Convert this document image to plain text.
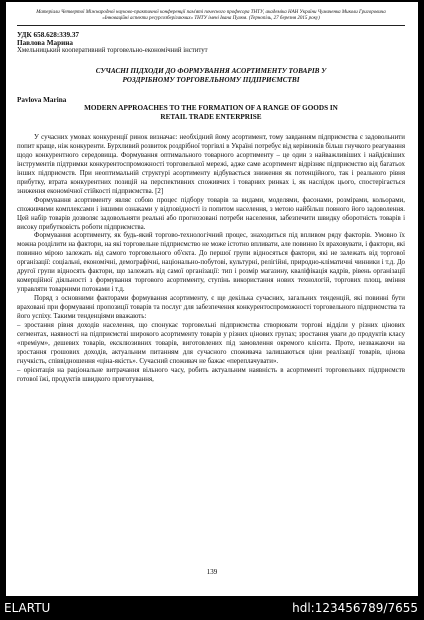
Матеріали Четвертої Міжнародної науково-практичної конференції пам'яті почесного професора ТНТУ, академіка НАН України Чумаченка Миколи Григоровича «Інноваційні аспекти ресурсозберігаючих» ТНТУ імені Івана Пулюя. (Тернопіль, 27 березня 2015 року)
УДК 658.628:339.37
Павлова Марина
Хмельницький кооперативний торговельно-економічний інститут
СУЧАСНІ ПІДХОДИ ДО ФОРМУВАННЯ АСОРТИМЕНТУ ТОВАРІВ У
РОЗДРІБНОМУ ТОРГОВЕЛЬНОМУ ПІДПРИЄМСТВІ
Pavlova Marina
MODERN APPROACHES TO THE FORMATION OF A RANGE OF GOODS IN
RETAIL TRADE ENTERPRISE

У сучасних умовах конкуренції ринок визначає: необхідний йому асортимент, тому завданням підприємства є задовольнити попит краще, ніж конкуренти. Бурхливий розвиток роздрібної торгівлі в Україні потребує від керівників більш гнучкого реагування щодо конкурентного середовища. Формування оптимального товарного асортименту – це один з найважливіших і найдієвіших інструментів підтримки конкурентоспроможності торговельної мережі, адже саме асортимент відрізняє підприємство від багатьох інших підприємств. При неоптимальній структурі асортименту відбувається зниження як потенційного, так і реального рівня прибутку, втрата конкурентних позицій на перспективних споживчих і товарних ринках і, як наслідок цього, спостерігається зниження економічної стійкості підприємства. [2]

Формування асортименту являє собою процес підбору товарів за видами, моделями, фасонами, розмірами, кольорами, споживчими комплексами і іншими ознаками у відповідності із попитом населення, з метою найбільш повного його задоволення. Цей набір товарів дозволяє задовольняти реальні або прогнозовані потреби населення, забезпечити швидку оборотність товарів і високу прибутковість роботи підприємства.

Формування асортименту, як будь-який торгово-технологічний процес, знаходиться під впливом ряду факторів. Умовно їх можна розділити на фактори, на які торговельне підприємство не може істотно впливати, але повинно їх враховувати, і фактори, які повинно мірою залежать від самого торговельного об'єкта. До першої групи відносяться фактори, які не залежать від торгової організації: соціальні, економічні, демографічні, національно-побутові, культурні, релігійні, природно-кліматичні чинники і т.д. До другої групи відносять фактори, що залежать від самої організації: тип і розмір магазину, кваліфікація кадрів, рівень організації комерційної діяльності з формування торгового асортименту, ступінь використання нових технологій, торгових площ, вміння управляти товарними потоками і т.д.

Поряд з основними факторами формування асортименту, є ще декілька сучасних, загальних тенденцій, які повинні бути враховані при формуванні пропозиції товарів та послуг для забезпечення конкурентоспроможності торговельного підприємства та його успіху. Такими тенденціями вважають:

– зростання рівня доходів населення, що спонукає торговельні підприємства створювати торгові відділи у різних цінових сегментах, наявності на підприємстві широкого асортименту товарів у різних цінових групах; зростання уваги до продуктів класу «преміум», дешевих товарів, ексклюзивних товарів, виготовлених під замовлення окремого клієнта. Проте, незважаючи на зростання грошових доходів, актуальним питанням для сучасного споживача залишаються ціни реалізації товарів, цінова гнучкість, співвідношення «ціна-якість». Сучасний споживач не бажає «переплачувати».

– орієнтація на раціональне витрачання вільного часу, робить актуальним наявність в асортименті торговельних підприємств готової їжі, продуктів швидкого приготування,

139
ELARTU	hdl:123456789/7655
